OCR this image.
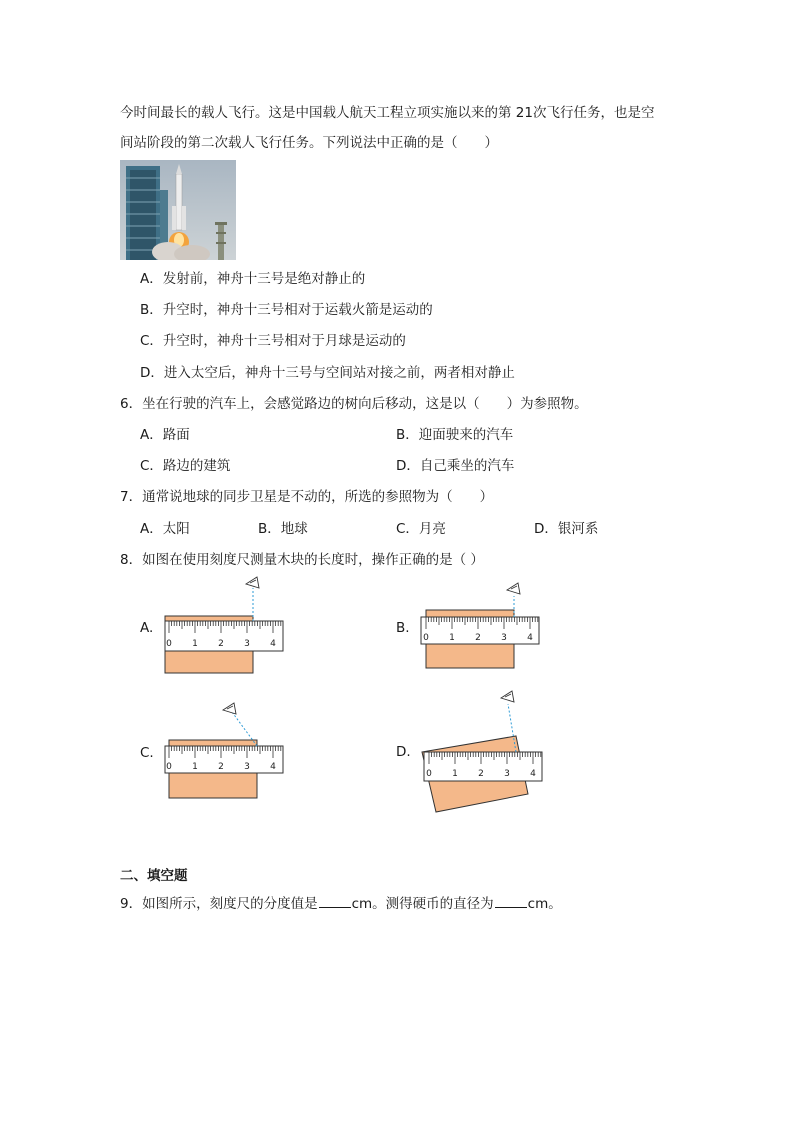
今时间最长的载人飞行。这是中国载人航天工程立项实施以来的第 21次飞行任务，也是空
间站阶段的第二次载人飞行任务。下列说法中正确的是（　　）
A．发射前，神舟十三号是绝对静止的
B．升空时，神舟十三号相对于运载火箭是运动的
C．升空时，神舟十三号相对于月球是运动的
D．进入太空后，神舟十三号与空间站对接之前，两者相对静止
6．坐在行驶的汽车上，会感觉路边的树向后移动，这是以（　　）为参照物。
A．路面	B．迎面驶来的汽车
C．路边的建筑	D．自己乘坐的汽车
7．通常说地球的同步卫星是不动的，所选的参照物为（　　）
A．太阳	B．地球	C．月亮	D．银河系
8．如图在使用刻度尺测量木块的长度时，操作正确的是（ ）
A.
0 1 2 3 4
B.
0 1 2 3 4
C.
0 1 2 3 4
D.
0 1 2 3 4
二、填空题
9．如图所示，刻度尺的分度值是	cm。测得硬币的直径为	cm。
